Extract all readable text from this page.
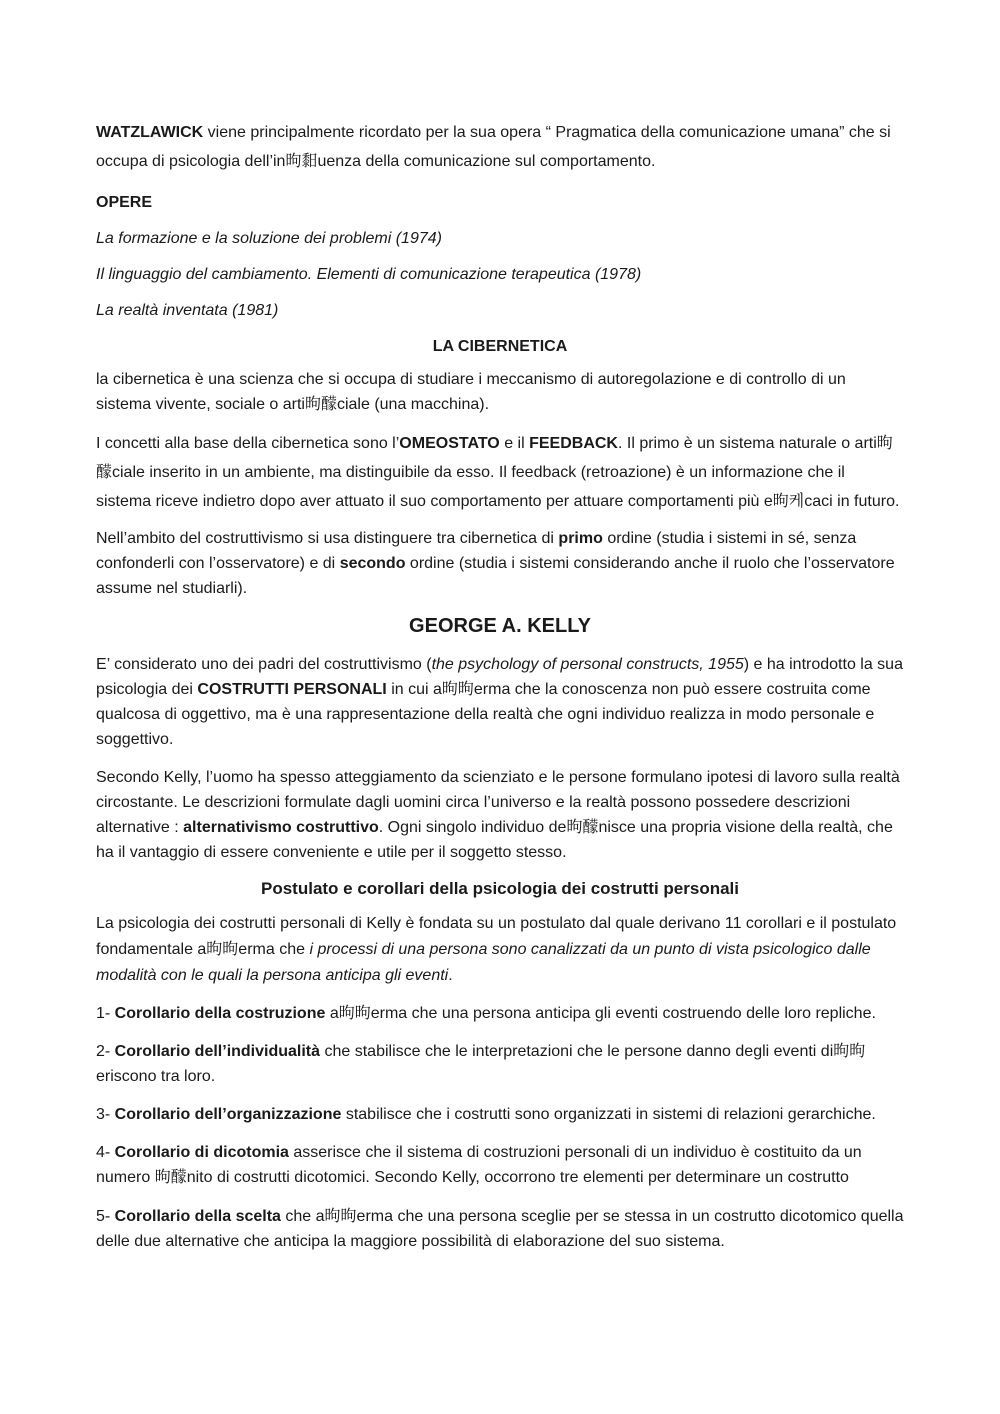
WATZLAWICK viene principalmente ricordato per la sua opera “ Pragmatica della comunicazione umana” che si occupa di psicologia dell’in昫䵒uenza della comunicazione sul comportamento.

OPERE

La formazione e la soluzione dei problemi (1974)

Il linguaggio del cambiamento. Elementi di comunicazione terapeutica (1978)

La realtà inventata (1981)

LA CIBERNETICA

la cibernetica è una scienza che si occupa di studiare i meccanismo di autoregolazione e di controllo di un sistema vivente, sociale o arti昫䤓ciale (una macchina).

I concetti alla base della cibernetica sono l’OMEOSTATO e il FEEDBACK. Il primo è un sistema naturale o arti昫䤓ciale inserito in un ambiente, ma distinguibile da esso. Il feedback (retroazione) è un informazione che il sistema riceve indietro dopo aver attuato il suo comportamento per attuare comportamenti più e昫케caci in futuro.

Nell’ambito del costruttivismo si usa distinguere tra cibernetica di primo ordine (studia i sistemi in sé, senza confonderli con l’osservatore) e di secondo ordine (studia i sistemi considerando anche il ruolo che l’osservatore assume nel studiarli).

GEORGE A. KELLY

E’ considerato uno dei padri del costruttivismo (the psychology of personal constructs, 1955) e ha introdotto la sua psicologia dei COSTRUTTI PERSONALI in cui a昫昫erma che la conoscenza non può essere costruita come qualcosa di oggettivo, ma è una rappresentazione della realtà che ogni individuo realizza in modo personale e soggettivo.

Secondo Kelly, l’uomo ha spesso atteggiamento da scienziato e le persone formulano ipotesi di lavoro sulla realtà circostante. Le descrizioni formulate dagli uomini circa l’universo e la realtà possono possedere descrizioni alternative : alternativismo costruttivo. Ogni singolo individuo de昫䤓nisce una propria visione della realtà, che ha il vantaggio di essere conveniente e utile per il soggetto stesso.

Postulato e corollari della psicologia dei costrutti personali

La psicologia dei costrutti personali di Kelly è fondata su un postulato dal quale derivano 11 corollari e il postulato fondamentale a昫昫erma che i processi di una persona sono canalizzati da un punto di vista psicologico dalle modalità con le quali la persona anticipa gli eventi.

1- Corollario della costruzione a昫昫erma che una persona anticipa gli eventi costruendo delle loro repliche.

2- Corollario dell’individualità che stabilisce che le interpretazioni che le persone danno degli eventi di昫昫eriscono tra loro.

3- Corollario dell’organizzazione stabilisce che i costrutti sono organizzati in sistemi di relazioni gerarchiche.

4- Corollario di dicotomia asserisce che il sistema di costruzioni personali di un individuo è costituito da un numero 昫䤓nito di costrutti dicotomici. Secondo Kelly, occorrono tre elementi per determinare un costrutto

5- Corollario della scelta che a昫昫erma che una persona sceglie per se stessa in un costrutto dicotomico quella delle due alternative che anticipa la maggiore possibilità di elaborazione del suo sistema.
